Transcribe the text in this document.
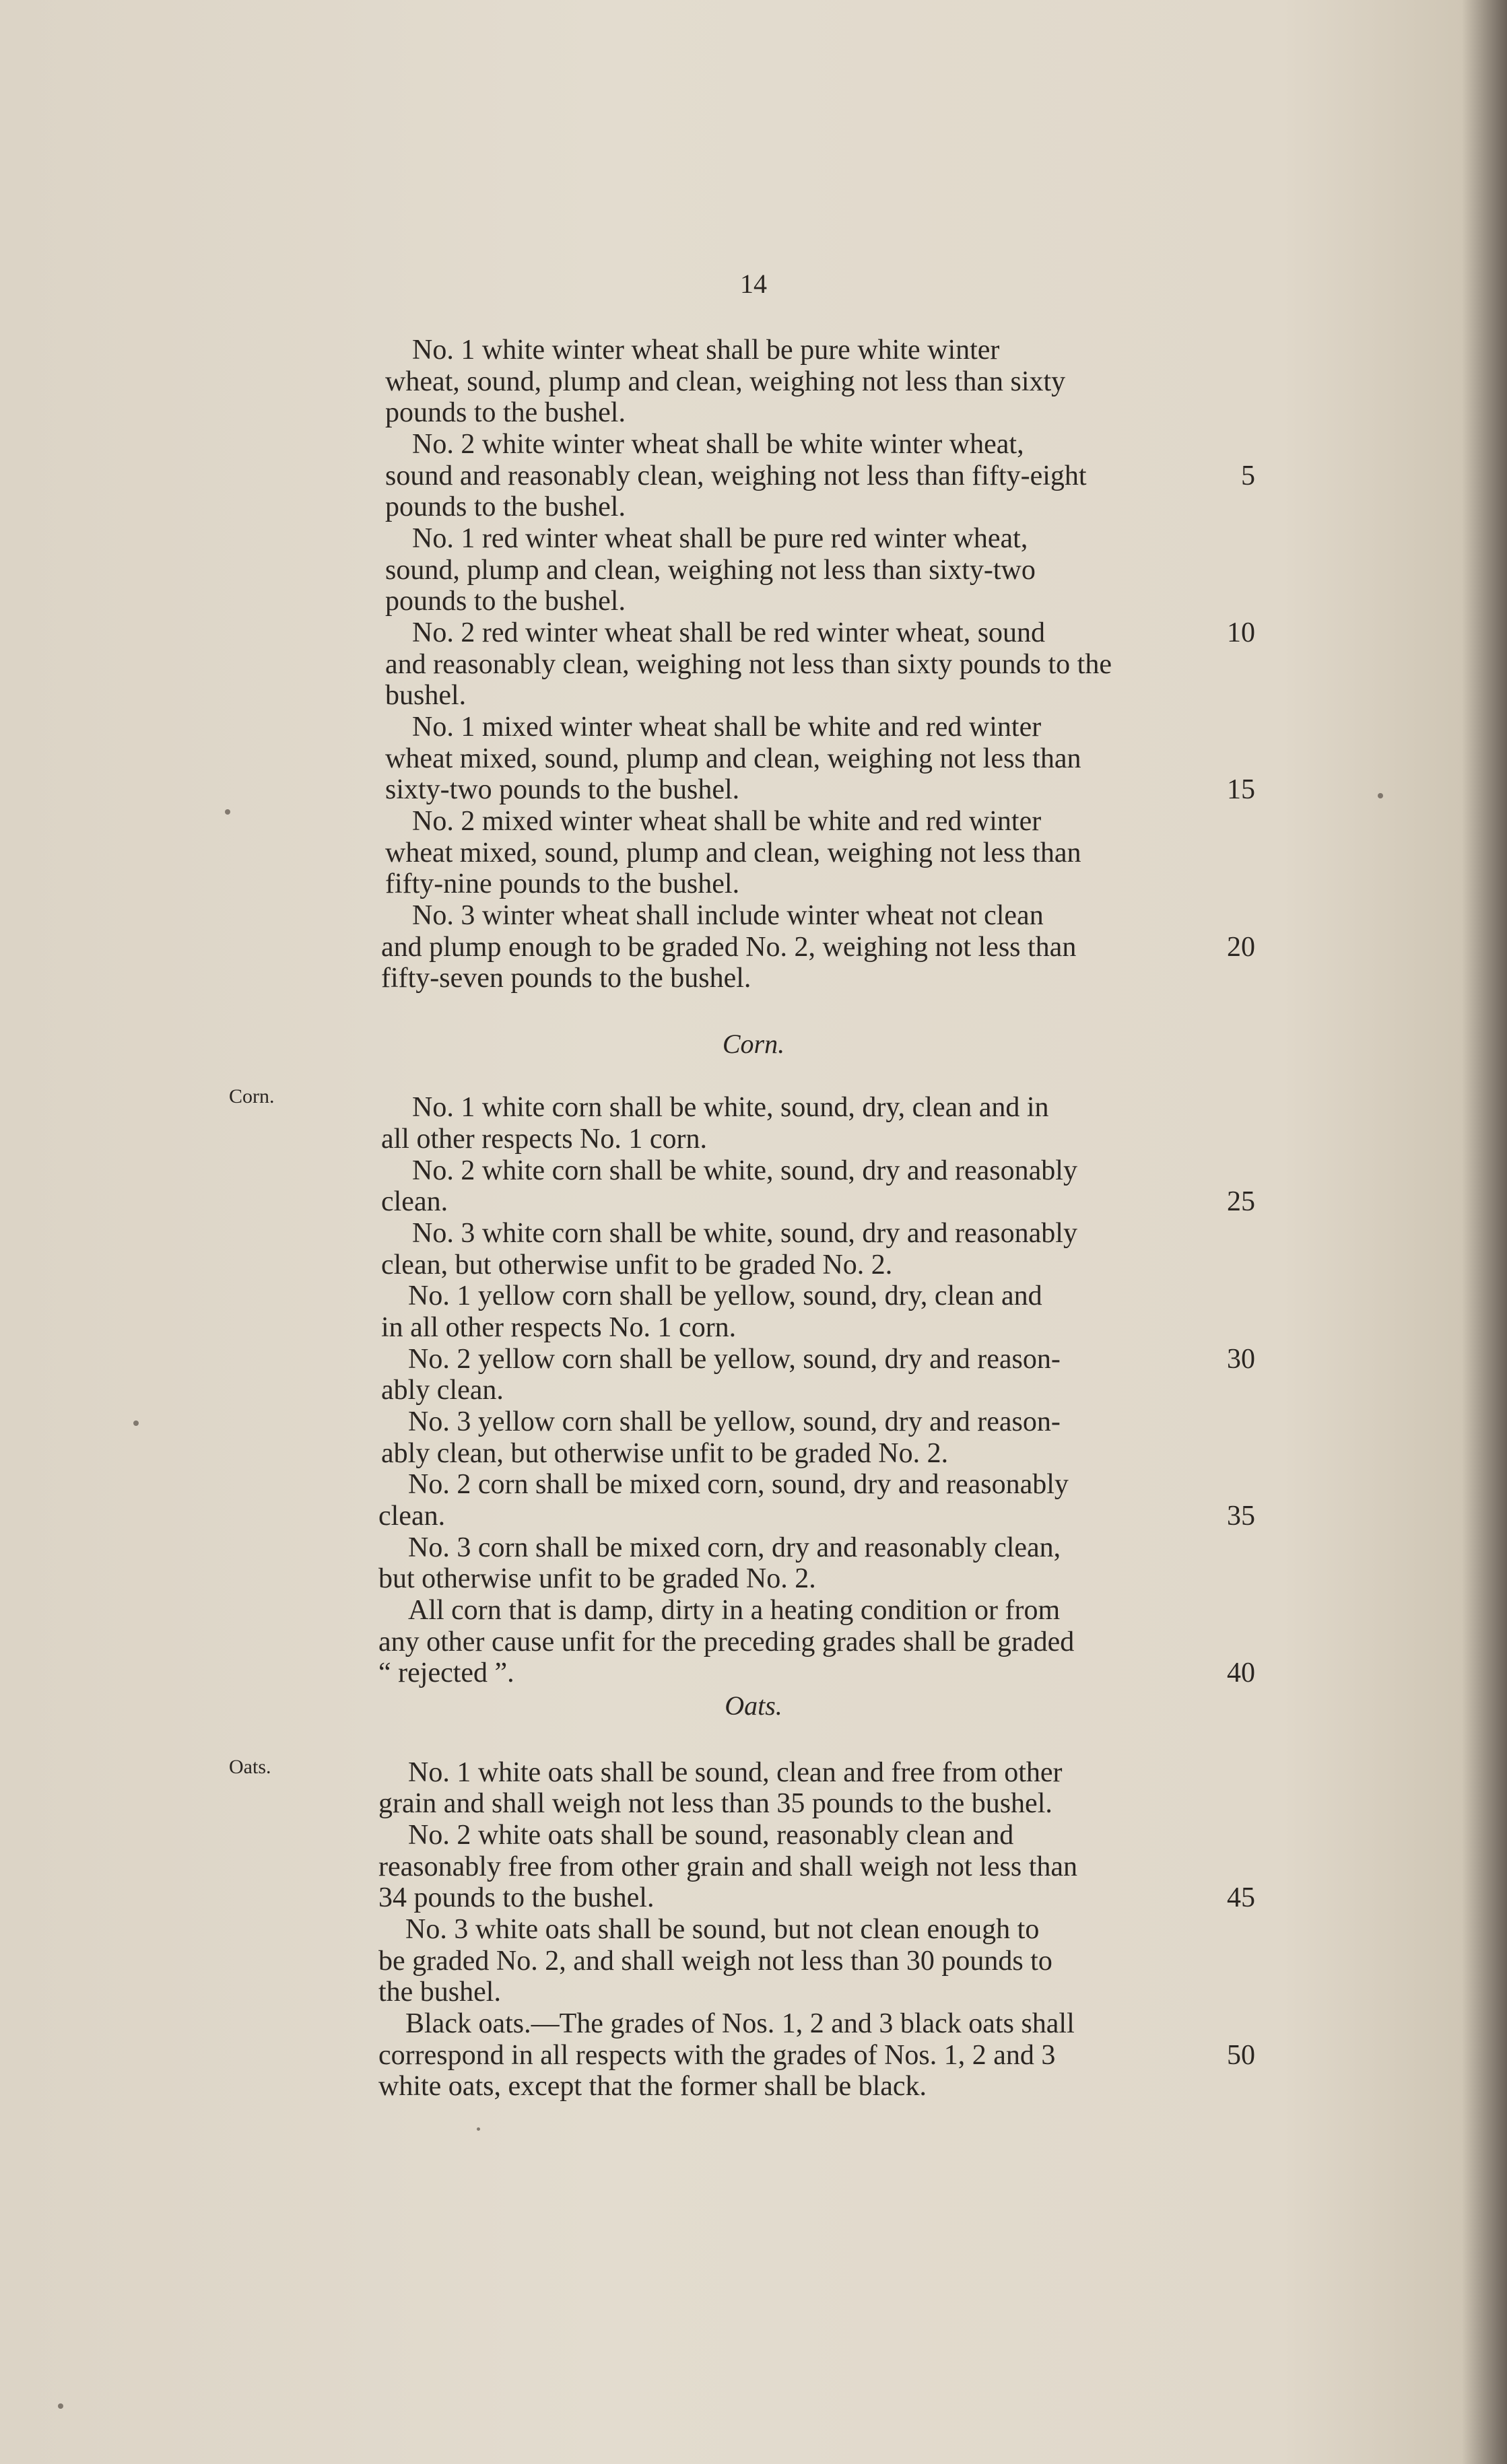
14
No. 1 white winter wheat shall be pure white winter
wheat, sound, plump and clean, weighing not less than sixty
pounds to the bushel.
No. 2 white winter wheat shall be white winter wheat,
sound and reasonably clean, weighing not less than fifty-eight
pounds to the bushel.
No. 1 red winter wheat shall be pure red winter wheat,
sound, plump and clean, weighing not less than sixty-two
pounds to the bushel.
No. 2 red winter wheat shall be red winter wheat, sound
and reasonably clean, weighing not less than sixty pounds to the
bushel.
No. 1 mixed winter wheat shall be white and red winter
wheat mixed, sound, plump and clean, weighing not less than
sixty-two pounds to the bushel.
No. 2 mixed winter wheat shall be white and red winter
wheat mixed, sound, plump and clean, weighing not less than
fifty-nine pounds to the bushel.
No. 3 winter wheat shall include winter wheat not clean
and plump enough to be graded No. 2, weighing not less than
fifty-seven pounds to the bushel.
Corn.
Corn.	No. 1 white corn shall be white, sound, dry, clean and in
all other respects No. 1 corn.
No. 2 white corn shall be white, sound, dry and reasonably
clean.
No. 3 white corn shall be white, sound, dry and reasonably
clean, but otherwise unfit to be graded No. 2.
No. 1 yellow corn shall be yellow, sound, dry, clean and
in all other respects No. 1 corn.
No. 2 yellow corn shall be yellow, sound, dry and reason-
ably clean.
No. 3 yellow corn shall be yellow, sound, dry and reason-
ably clean, but otherwise unfit to be graded No. 2.
No. 2 corn shall be mixed corn, sound, dry and reasonably
clean.
No. 3 corn shall be mixed corn, dry and reasonably clean,
but otherwise unfit to be graded No. 2.
All corn that is damp, dirty in a heating condition or from
any other cause unfit for the preceding grades shall be graded
“ rejected ”.
Oats.
Oats.	No. 1 white oats shall be sound, clean and free from other
grain and shall weigh not less than 35 pounds to the bushel.
No. 2 white oats shall be sound, reasonably clean and
reasonably free from other grain and shall weigh not less than
34 pounds to the bushel.
No. 3 white oats shall be sound, but not clean enough to
be graded No. 2, and shall weigh not less than 30 pounds to
the bushel.
Black oats.—The grades of Nos. 1, 2 and 3 black oats shall
correspond in all respects with the grades of Nos. 1, 2 and 3
white oats, except that the former shall be black.
5
10
15
20
25
30
35
40
45
50
